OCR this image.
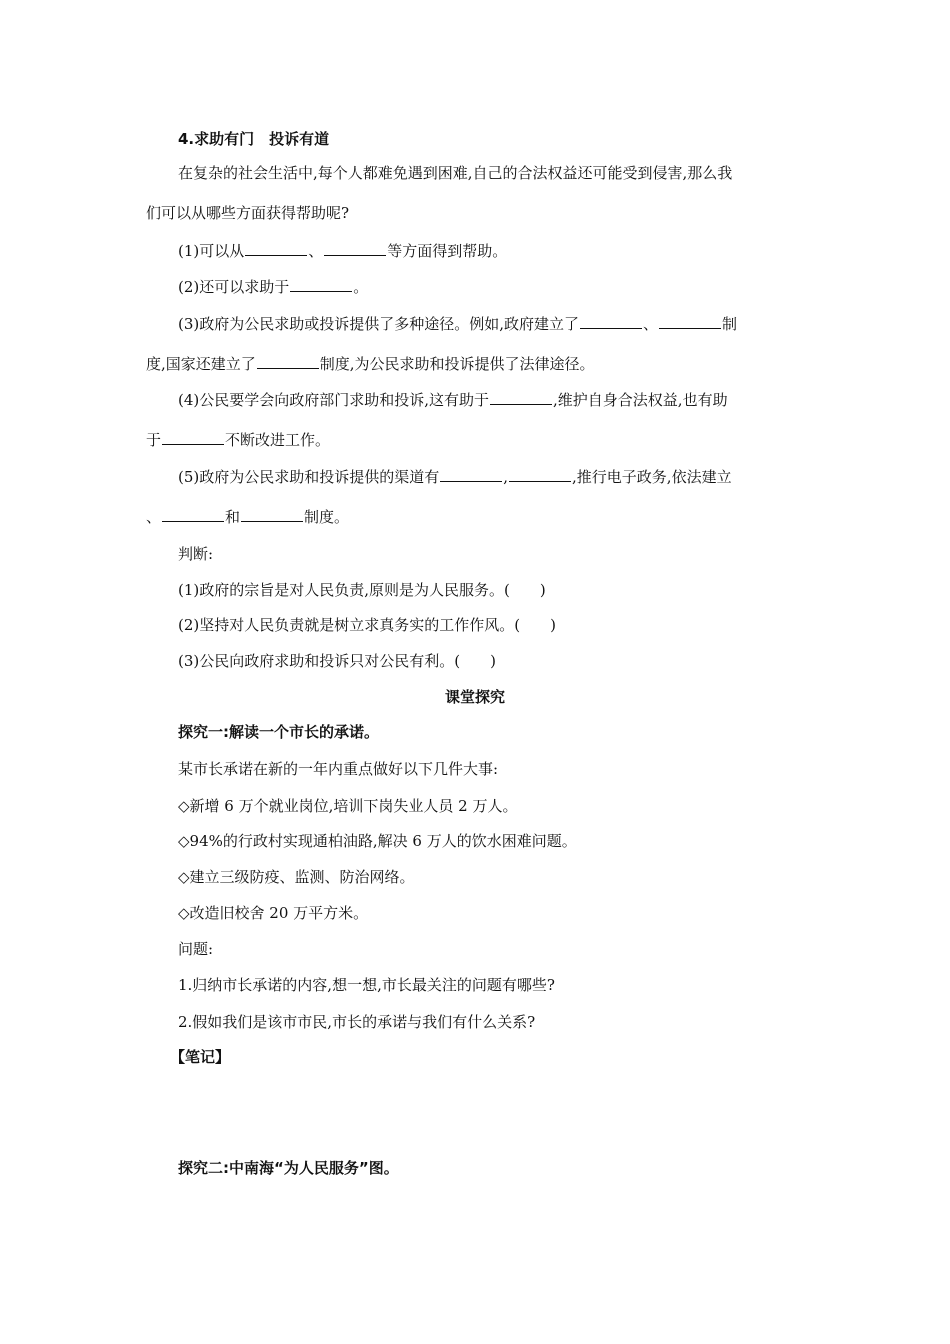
4.求助有门　投诉有道
在复杂的社会生活中,每个人都难免遇到困难,自己的合法权益还可能受到侵害,那么我
们可以从哪些方面获得帮助呢?
(1)可以从	、	等方面得到帮助。
(2)还可以求助于	。
(3)政府为公民求助或投诉提供了多种途径。例如,政府建立了	、	制
度,国家还建立了	制度,为公民求助和投诉提供了法律途径。
(4)公民要学会向政府部门求助和投诉,这有助于	,维护自身合法权益,也有助
于	不断改进工作。
(5)政府为公民求助和投诉提供的渠道有	,	,推行电子政务,依法建立
、	和	制度。
判断:
(1)政府的宗旨是对人民负责,原则是为人民服务。(　　)
(2)坚持对人民负责就是树立求真务实的工作作风。(　　)
(3)公民向政府求助和投诉只对公民有利。(　　)
课堂探究
探究一:解读一个市长的承诺。
某市长承诺在新的一年内重点做好以下几件大事:
◇新增 6 万个就业岗位,培训下岗失业人员 2 万人。
◇94%的行政村实现通柏油路,解决 6 万人的饮水困难问题。
◇建立三级防疫、监测、防治网络。
◇改造旧校舍 20 万平方米。
问题:
1.归纳市长承诺的内容,想一想,市长最关注的问题有哪些?
2.假如我们是该市市民,市长的承诺与我们有什么关系?
【笔记】
探究二:中南海“为人民服务”图。
